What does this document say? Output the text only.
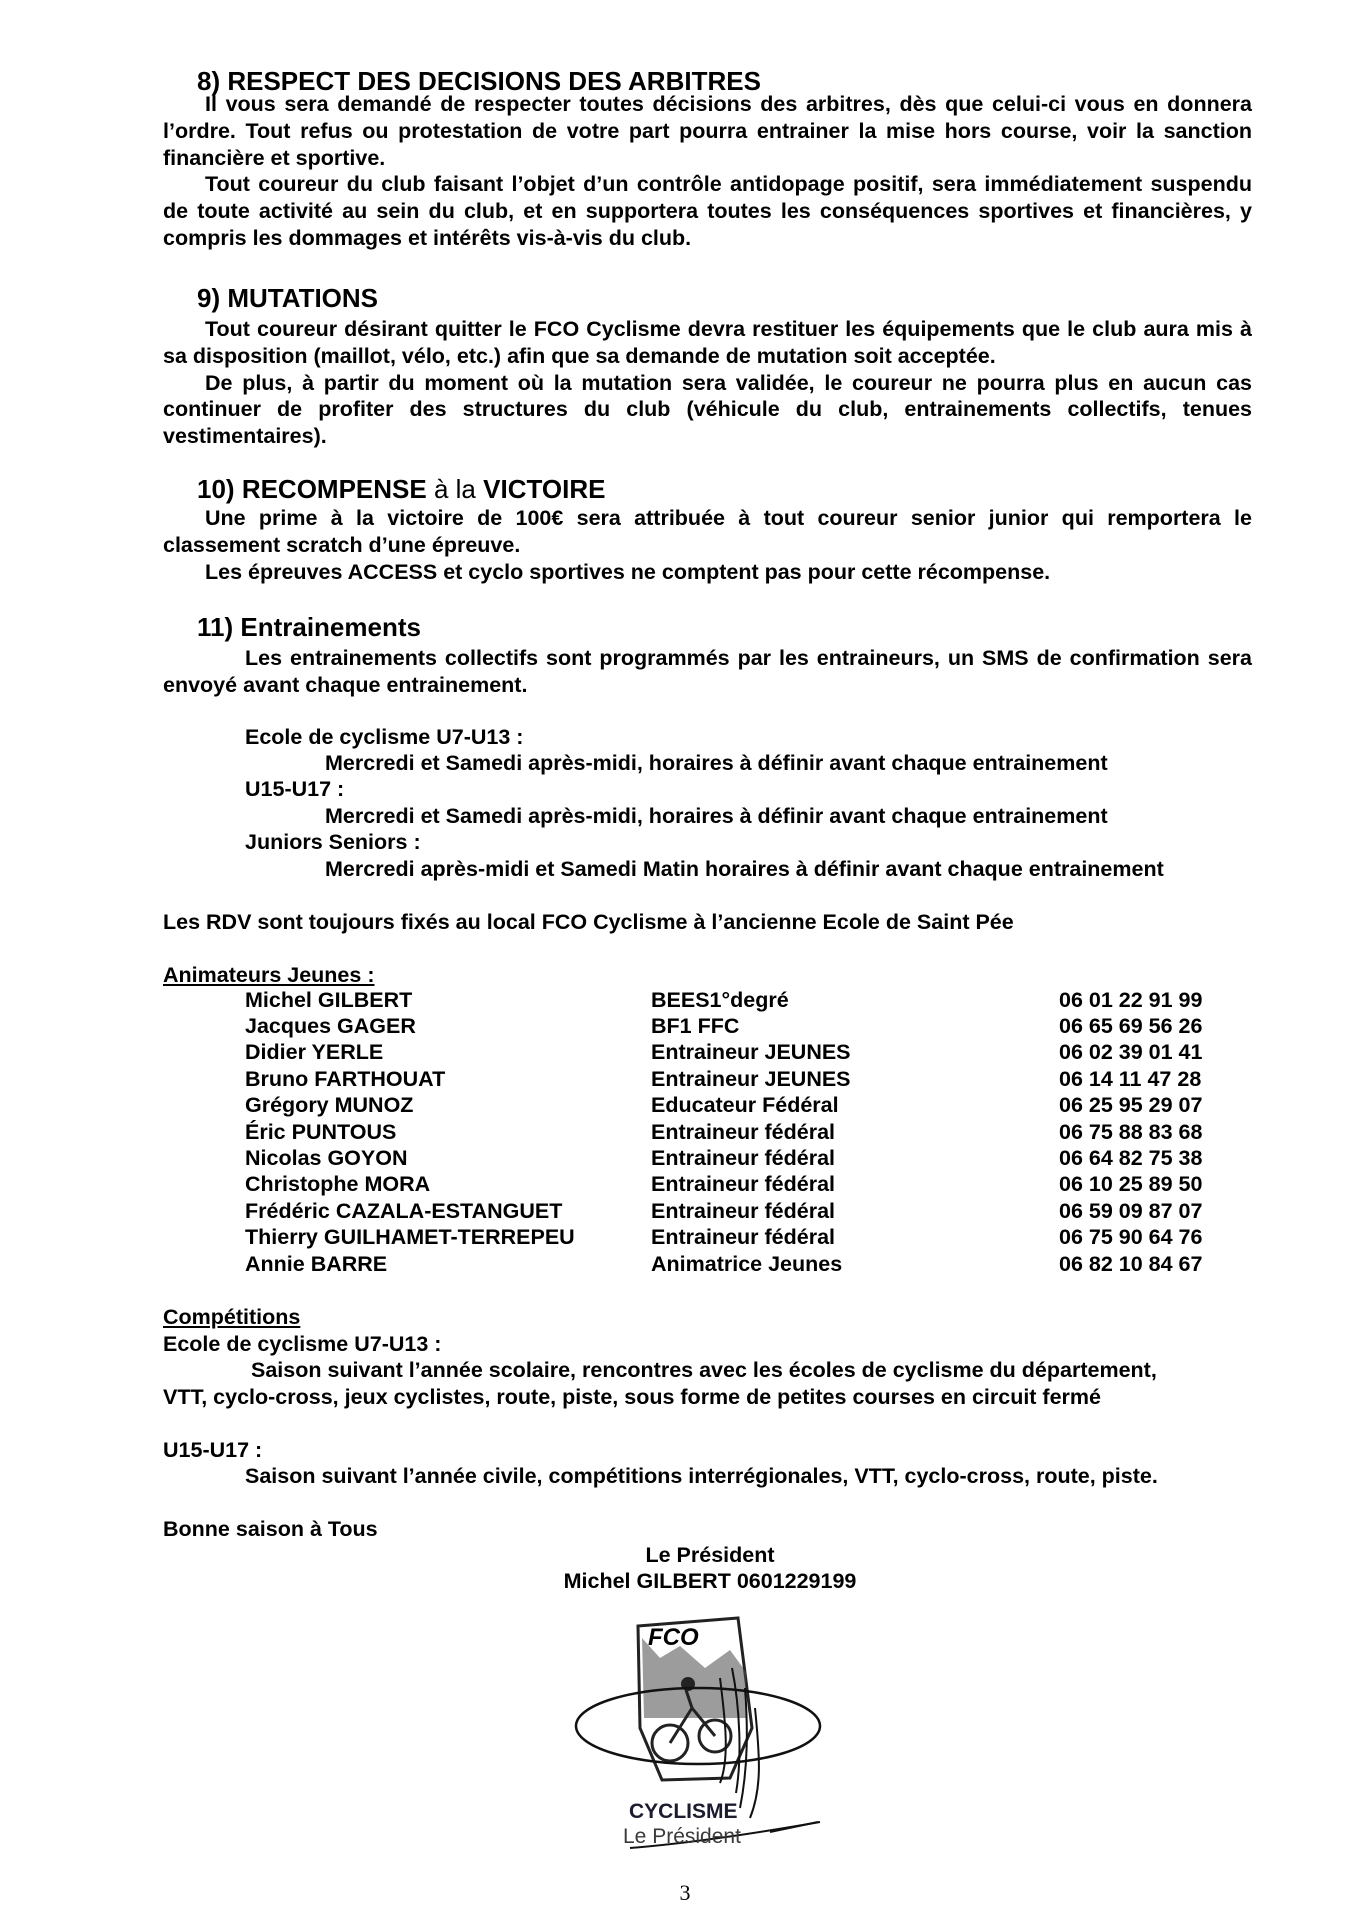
8) RESPECT DES DECISIONS DES ARBITRES
Il vous sera demandé de respecter toutes décisions des arbitres, dès que celui-ci vous en donnera l’ordre. Tout refus ou protestation de votre part pourra entrainer la mise hors course, voir la sanction financière et sportive.
Tout coureur du club faisant l’objet d’un contrôle antidopage positif, sera immédiatement suspendu de toute activité au sein du club, et en supportera toutes les conséquences sportives et financières, y compris les dommages et intérêts vis-à-vis du club.
9) MUTATIONS
Tout coureur désirant quitter le FCO Cyclisme devra restituer les équipements que le club aura mis à sa disposition (maillot, vélo, etc.) afin que sa demande de mutation soit acceptée.
De plus, à partir du moment où la mutation sera validée, le coureur ne pourra plus en aucun cas continuer de profiter des structures du club (véhicule du club, entrainements collectifs, tenues vestimentaires).
10) RECOMPENSE à la VICTOIRE
Une prime à la victoire de 100€ sera attribuée à tout coureur senior junior qui remportera le classement scratch d’une épreuve.
Les épreuves ACCESS et cyclo sportives ne comptent pas pour cette récompense.
11) Entrainements
Les entrainements collectifs sont programmés par les entraineurs, un SMS de confirmation sera envoyé avant chaque entrainement.
Ecole de cyclisme U7-U13 :
Mercredi et Samedi après-midi, horaires à définir avant chaque entrainement
U15-U17 :
Mercredi et Samedi après-midi, horaires à définir avant chaque entrainement
Juniors Seniors :
Mercredi après-midi et Samedi Matin horaires à définir avant chaque entrainement
Les RDV sont toujours fixés au local FCO Cyclisme à l’ancienne Ecole de Saint Pée
Animateurs Jeunes :
Michel GILBERT	BEES1°degré	06 01 22 91 99
Jacques GAGER	BF1 FFC	06 65 69 56 26
Didier YERLE	Entraineur JEUNES	06 02 39 01 41
Bruno FARTHOUAT	Entraineur JEUNES	06 14 11 47 28
Grégory MUNOZ	Educateur Fédéral	06 25 95 29 07
Éric PUNTOUS	Entraineur fédéral	06 75 88 83 68
Nicolas GOYON	Entraineur fédéral	06 64 82 75 38
Christophe MORA	Entraineur fédéral	06 10 25 89 50
Frédéric CAZALA-ESTANGUET	Entraineur fédéral	06 59 09 87 07
Thierry GUILHAMET-TERREPEU	Entraineur fédéral	06 75 90 64 76
Annie BARRE	Animatrice Jeunes	06 82 10 84 67
Compétitions
Ecole de cyclisme U7-U13 :
Saison suivant l’année scolaire, rencontres avec les écoles de cyclisme du département,
VTT, cyclo-cross, jeux cyclistes, route, piste, sous forme de petites courses en circuit fermé
U15-U17 :
Saison suivant l’année civile, compétitions interrégionales, VTT, cyclo-cross, route, piste.
Bonne saison à Tous
Le Président
Michel GILBERT 0601229199
FCO
CYCLISME
Le Président
3
